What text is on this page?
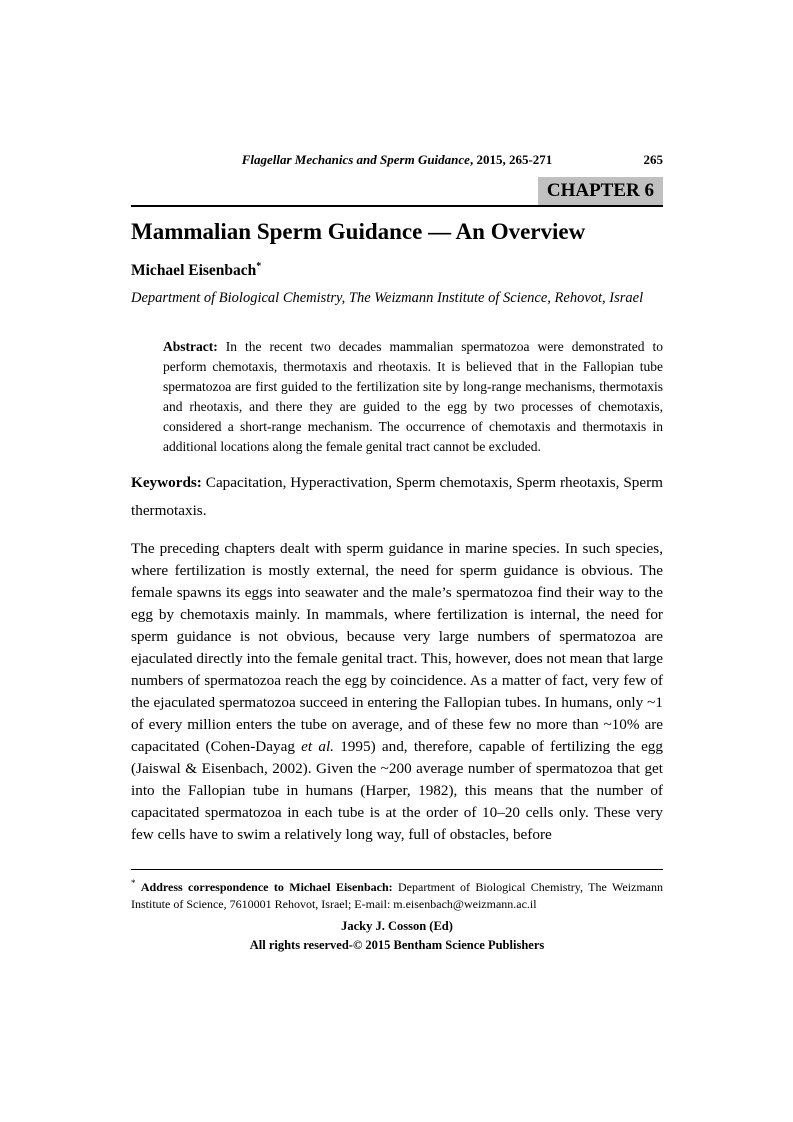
Flagellar Mechanics and Sperm Guidance, 2015, 265-271	265
CHAPTER 6
Mammalian Sperm Guidance — An Overview
Michael Eisenbach*
Department of Biological Chemistry, The Weizmann Institute of Science, Rehovot, Israel
Abstract: In the recent two decades mammalian spermatozoa were demonstrated to perform chemotaxis, thermotaxis and rheotaxis. It is believed that in the Fallopian tube spermatozoa are first guided to the fertilization site by long-range mechanisms, thermotaxis and rheotaxis, and there they are guided to the egg by two processes of chemotaxis, considered a short-range mechanism. The occurrence of chemotaxis and thermotaxis in additional locations along the female genital tract cannot be excluded.
Keywords: Capacitation, Hyperactivation, Sperm chemotaxis, Sperm rheotaxis, Sperm thermotaxis.
The preceding chapters dealt with sperm guidance in marine species. In such species, where fertilization is mostly external, the need for sperm guidance is obvious. The female spawns its eggs into seawater and the male’s spermatozoa find their way to the egg by chemotaxis mainly. In mammals, where fertilization is internal, the need for sperm guidance is not obvious, because very large numbers of spermatozoa are ejaculated directly into the female genital tract. This, however, does not mean that large numbers of spermatozoa reach the egg by coincidence. As a matter of fact, very few of the ejaculated spermatozoa succeed in entering the Fallopian tubes. In humans, only ~1 of every million enters the tube on average, and of these few no more than ~10% are capacitated (Cohen-Dayag et al. 1995) and, therefore, capable of fertilizing the egg (Jaiswal & Eisenbach, 2002). Given the ~200 average number of spermatozoa that get into the Fallopian tube in humans (Harper, 1982), this means that the number of capacitated spermatozoa in each tube is at the order of 10–20 cells only. These very few cells have to swim a relatively long way, full of obstacles, before
* Address correspondence to Michael Eisenbach: Department of Biological Chemistry, The Weizmann Institute of Science, 7610001 Rehovot, Israel; E-mail: m.eisenbach@weizmann.ac.il
Jacky J. Cosson (Ed)
All rights reserved-© 2015 Bentham Science Publishers
